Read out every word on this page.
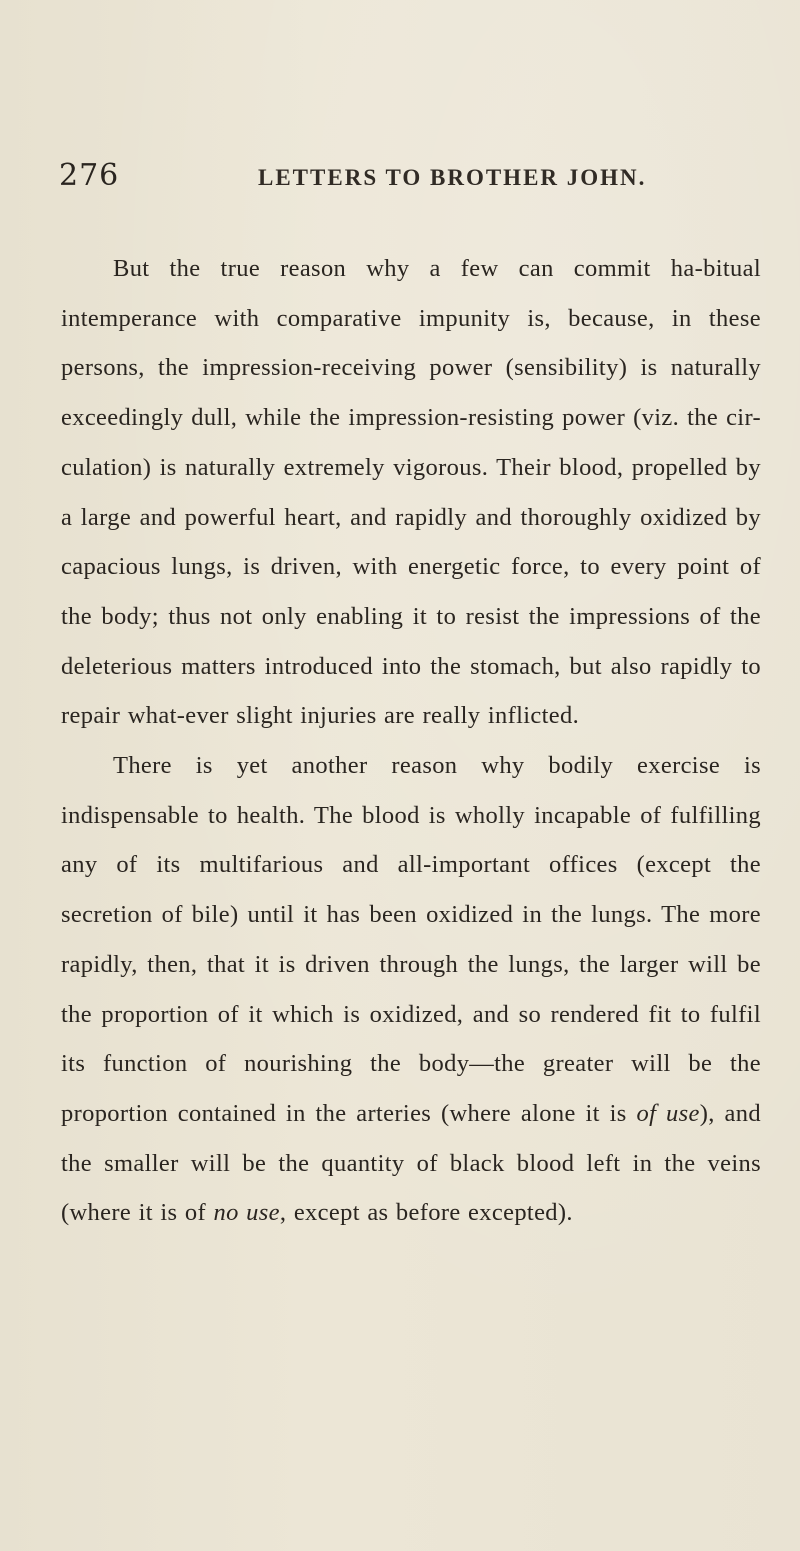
276	LETTERS TO BROTHER JOHN.

But the true reason why a few can commit ha-bitual intemperance with comparative impunity is, because, in these persons, the impression-receiving power (sensibility) is naturally exceedingly dull, while the impression-resisting power (viz. the cir-culation) is naturally extremely vigorous. Their blood, propelled by a large and powerful heart, and rapidly and thoroughly oxidized by capacious lungs, is driven, with energetic force, to every point of the body; thus not only enabling it to resist the impressions of the deleterious matters introduced into the stomach, but also rapidly to repair what-ever slight injuries are really inflicted.

There is yet another reason why bodily exercise is indispensable to health. The blood is wholly incapable of fulfilling any of its multifarious and all-important offices (except the secretion of bile) until it has been oxidized in the lungs. The more rapidly, then, that it is driven through the lungs, the larger will be the proportion of it which is oxidized, and so rendered fit to fulfil its function of nourishing the body—the greater will be the proportion contained in the arteries (where alone it is of use), and the smaller will be the quantity of black blood left in the veins (where it is of no use, except as before excepted).
